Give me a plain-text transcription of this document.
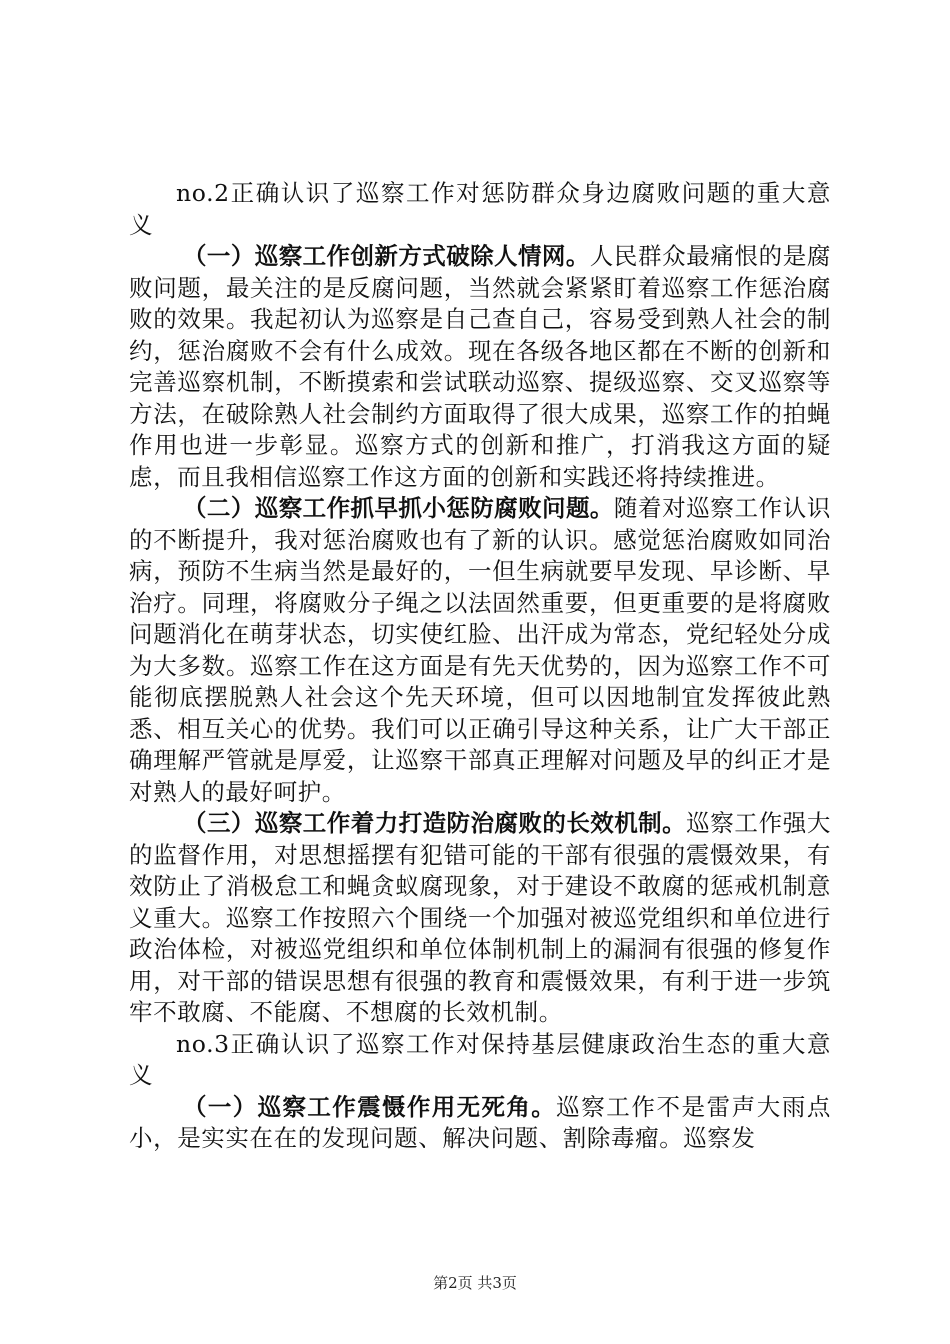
no.2正确认识了巡察工作对惩防群众身边腐败问题的重大意义

（一）巡察工作创新方式破除人情网。人民群众最痛恨的是腐败问题，最关注的是反腐问题，当然就会紧紧盯着巡察工作惩治腐败的效果。我起初认为巡察是自己查自己，容易受到熟人社会的制约，惩治腐败不会有什么成效。现在各级各地区都在不断的创新和完善巡察机制，不断摸索和尝试联动巡察、提级巡察、交叉巡察等方法，在破除熟人社会制约方面取得了很大成果，巡察工作的拍蝇作用也进一步彰显。巡察方式的创新和推广，打消我这方面的疑虑，而且我相信巡察工作这方面的创新和实践还将持续推进。

（二）巡察工作抓早抓小惩防腐败问题。随着对巡察工作认识的不断提升，我对惩治腐败也有了新的认识。感觉惩治腐败如同治病，预防不生病当然是最好的，一但生病就要早发现、早诊断、早治疗。同理，将腐败分子绳之以法固然重要，但更重要的是将腐败问题消化在萌芽状态，切实使红脸、出汗成为常态，党纪轻处分成为大多数。巡察工作在这方面是有先天优势的，因为巡察工作不可能彻底摆脱熟人社会这个先天环境，但可以因地制宜发挥彼此熟悉、相互关心的优势。我们可以正确引导这种关系，让广大干部正确理解严管就是厚爱，让巡察干部真正理解对问题及早的纠正才是对熟人的最好呵护。

（三）巡察工作着力打造防治腐败的长效机制。巡察工作强大的监督作用，对思想摇摆有犯错可能的干部有很强的震慑效果，有效防止了消极怠工和蝇贪蚁腐现象，对于建设不敢腐的惩戒机制意义重大。巡察工作按照六个围绕一个加强对被巡党组织和单位进行政治体检，对被巡党组织和单位体制机制上的漏洞有很强的修复作用，对干部的错误思想有很强的教育和震慑效果，有利于进一步筑牢不敢腐、不能腐、不想腐的长效机制。

no.3正确认识了巡察工作对保持基层健康政治生态的重大意义

（一）巡察工作震慑作用无死角。巡察工作不是雷声大雨点小，是实实在在的发现问题、解决问题、割除毒瘤。巡察发

第2页 共3页
